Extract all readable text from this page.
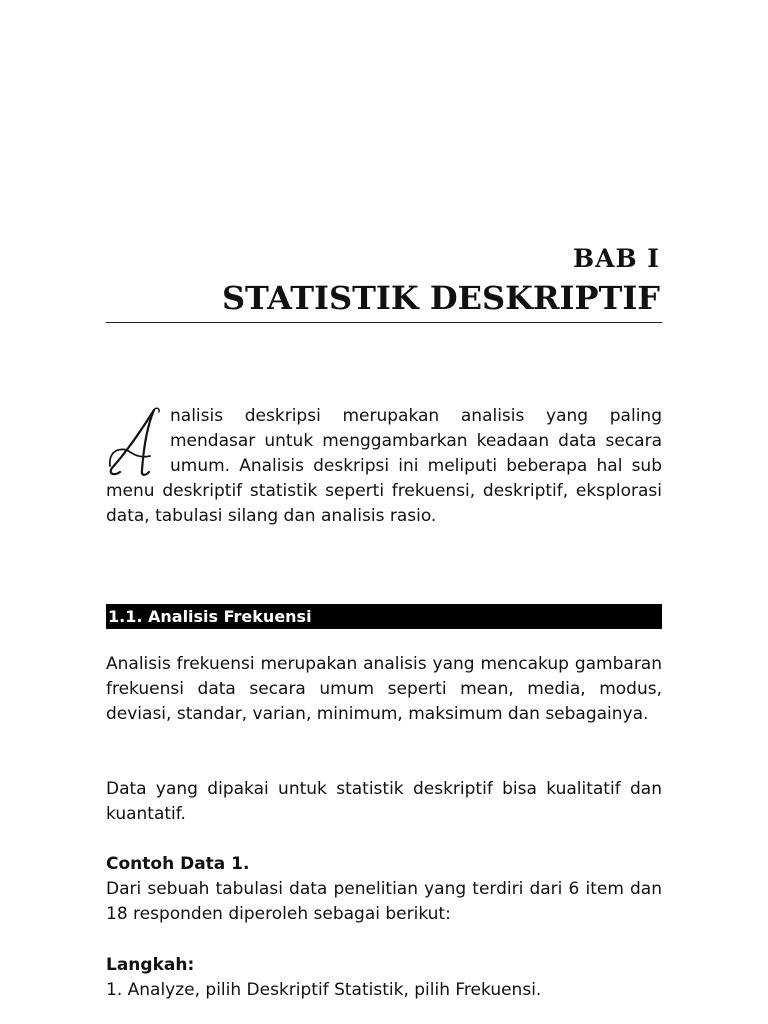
BAB I
STATISTIK DESKRIPTIF
nalisis deskripsi merupakan analisis yang paling mendasar untuk menggambarkan keadaan data secara umum. Analisis deskripsi ini meliputi beberapa hal sub menu deskriptif statistik seperti frekuensi, deskriptif, eksplorasi data, tabulasi silang dan analisis rasio.
1.1. Analisis Frekuensi

Analisis frekuensi merupakan analisis yang mencakup gambaran frekuensi data secara umum seperti mean, media, modus, deviasi, standar, varian, minimum, maksimum dan sebagainya.

Data yang dipakai untuk statistik deskriptif bisa kualitatif dan kuantatif.

Contoh Data 1.
Dari sebuah tabulasi data penelitian yang terdiri dari 6 item dan 18 responden diperoleh sebagai berikut:
Langkah:
1. Analyze, pilih Deskriptif Statistik, pilih Frekuensi.
